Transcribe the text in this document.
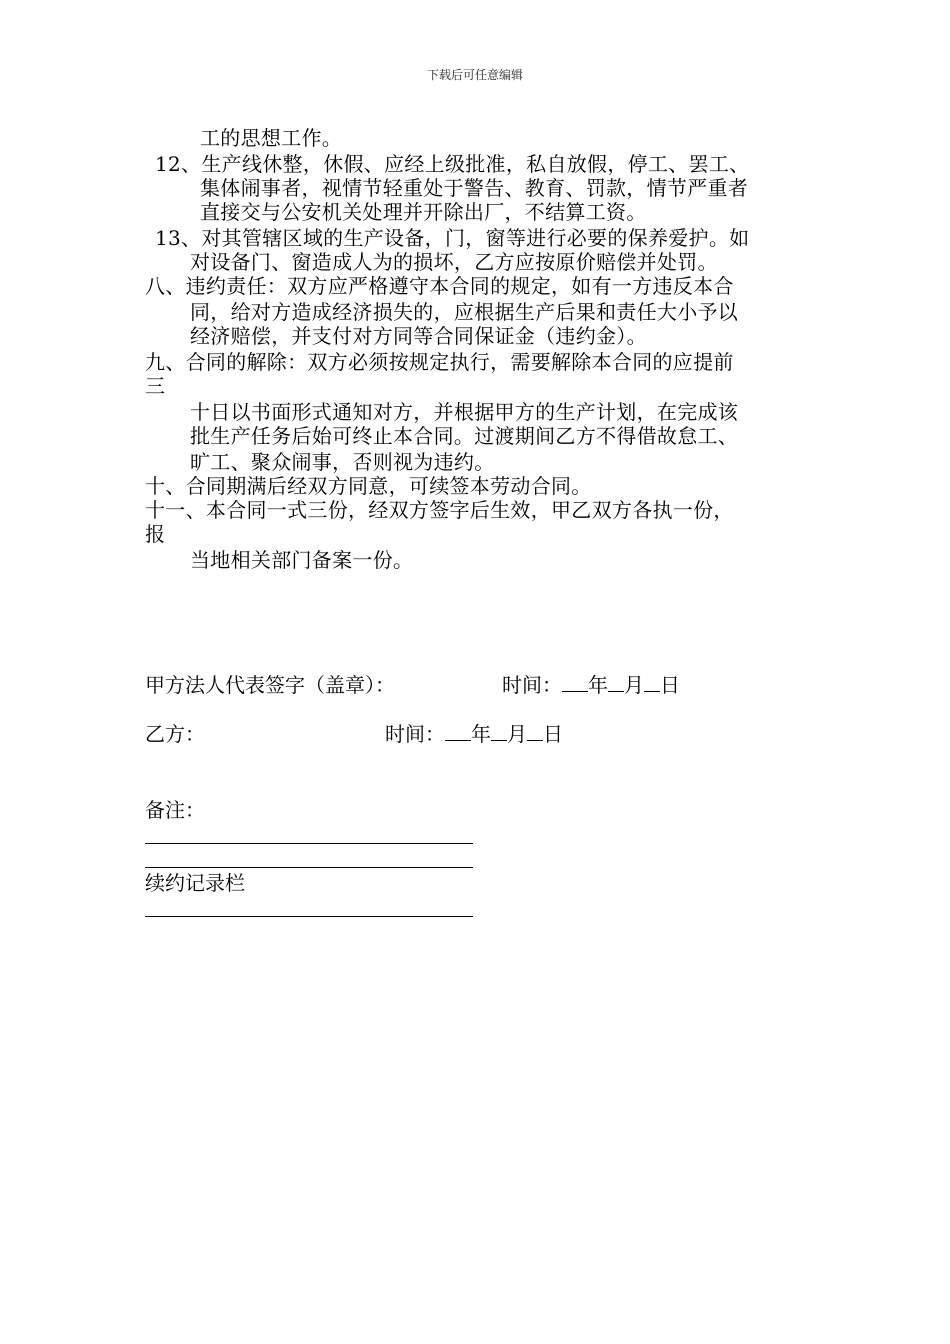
下载后可任意编辑
工的思想工作。
12、生产线休整，休假、应经上级批准，私自放假，停工、罢工、
集体闹事者，视情节轻重处于警告、教育、罚款，情节严重者
直接交与公安机关处理并开除出厂，不结算工资。
13、对其管辖区域的生产设备，门，窗等进行必要的保养爱护。如
对设备门、窗造成人为的损坏，乙方应按原价赔偿并处罚。
八、违约责任：双方应严格遵守本合同的规定，如有一方违反本合
同，给对方造成经济损失的，应根据生产后果和责任大小予以
经济赔偿，并支付对方同等合同保证金（违约金）。
九、合同的解除：双方必须按规定执行，需要解除本合同的应提前
三
十日以书面形式通知对方，并根据甲方的生产计划，在完成该
批生产任务后始可终止本合同。过渡期间乙方不得借故怠工、
旷工、聚众闹事，否则视为违约。
十、合同期满后经双方同意，可续签本劳动合同。
十一、本合同一式三份，经双方签字后生效，甲乙双方各执一份，
报
当地相关部门备案一份。
甲方法人代表签字（盖章）：	时间： 年 月 日
乙方：	时间： 年 月 日
备注：
续约记录栏
